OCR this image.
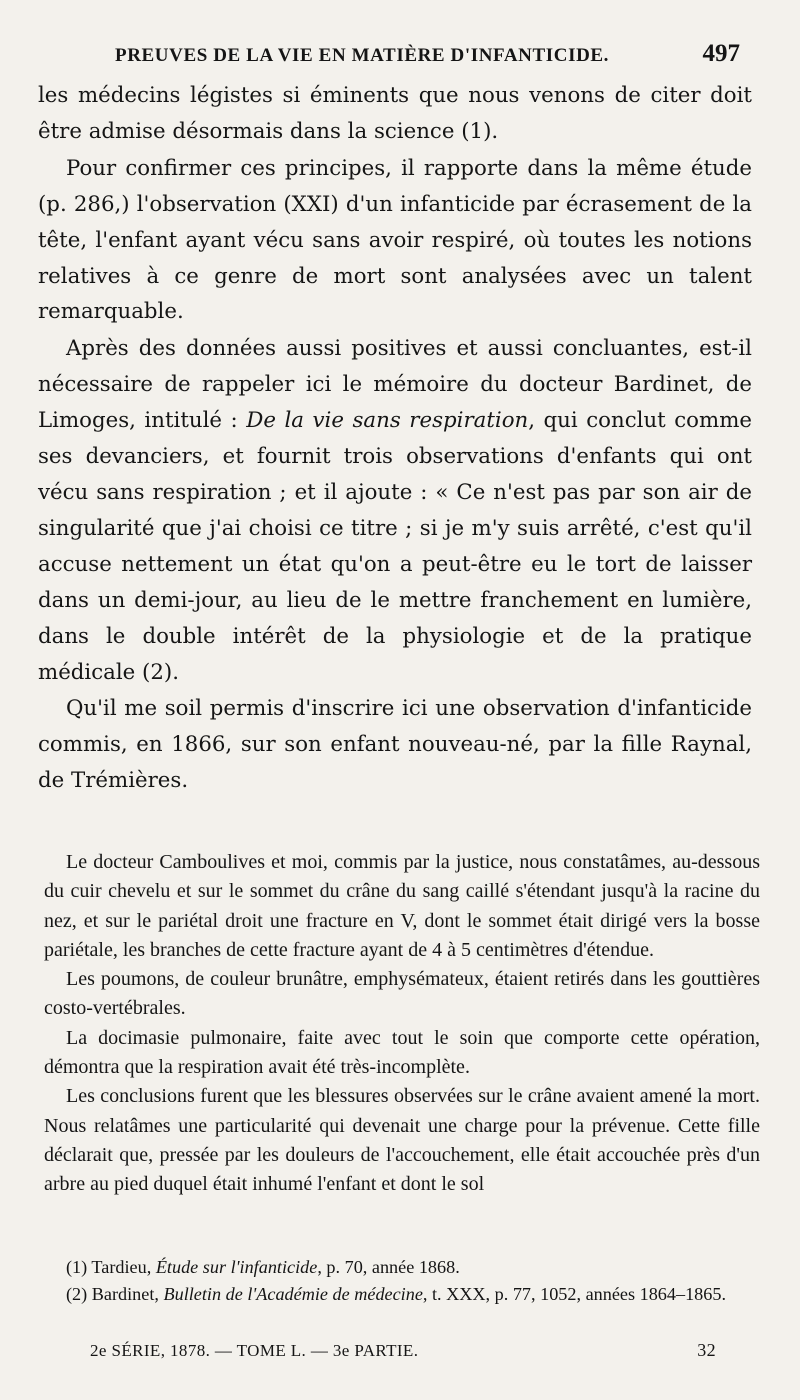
PREUVES DE LA VIE EN MATIÈRE D'INFANTICIDE.	497

les médecins légistes si éminents que nous venons de citer doit être admise désormais dans la science (1).

Pour confirmer ces principes, il rapporte dans la même étude (p. 286,) l'observation (XXI) d'un infanticide par écrasement de la tête, l'enfant ayant vécu sans avoir respiré, où toutes les notions relatives à ce genre de mort sont analysées avec un talent remarquable.

Après des données aussi positives et aussi concluantes, est-il nécessaire de rappeler ici le mémoire du docteur Bardinet, de Limoges, intitulé : De la vie sans respiration, qui conclut comme ses devanciers, et fournit trois observations d'enfants qui ont vécu sans respiration ; et il ajoute : « Ce n'est pas par son air de singularité que j'ai choisi ce titre ; si je m'y suis arrêté, c'est qu'il accuse nettement un état qu'on a peut-être eu le tort de laisser dans un demi-jour, au lieu de le mettre franchement en lumière, dans le double intérêt de la physiologie et de la pratique médicale (2).

Qu'il me soil permis d'inscrire ici une observation d'infanticide commis, en 1866, sur son enfant nouveau-né, par la fille Raynal, de Trémières.

Le docteur Camboulives et moi, commis par la justice, nous constatâmes, au-dessous du cuir chevelu et sur le sommet du crâne du sang caillé s'étendant jusqu'à la racine du nez, et sur le pariétal droit une fracture en V, dont le sommet était dirigé vers la bosse pariétale, les branches de cette fracture ayant de 4 à 5 centimètres d'étendue.

Les poumons, de couleur brunâtre, emphysémateux, étaient retirés dans les gouttières costo-vertébrales.

La docimasie pulmonaire, faite avec tout le soin que comporte cette opération, démontra que la respiration avait été très-incomplète.

Les conclusions furent que les blessures observées sur le crâne avaient amené la mort. Nous relatâmes une particularité qui devenait une charge pour la prévenue. Cette fille déclarait que, pressée par les douleurs de l'accouchement, elle était accouchée près d'un arbre au pied duquel était inhumé l'enfant et dont le sol

(1) Tardieu, Étude sur l'infanticide, p. 70, année 1868.

(2) Bardinet, Bulletin de l'Académie de médecine, t. XXX, p. 77, 1052, années 1864–1865.

2e SÉRIE, 1878. — TOME L. — 3e PARTIE.	32
